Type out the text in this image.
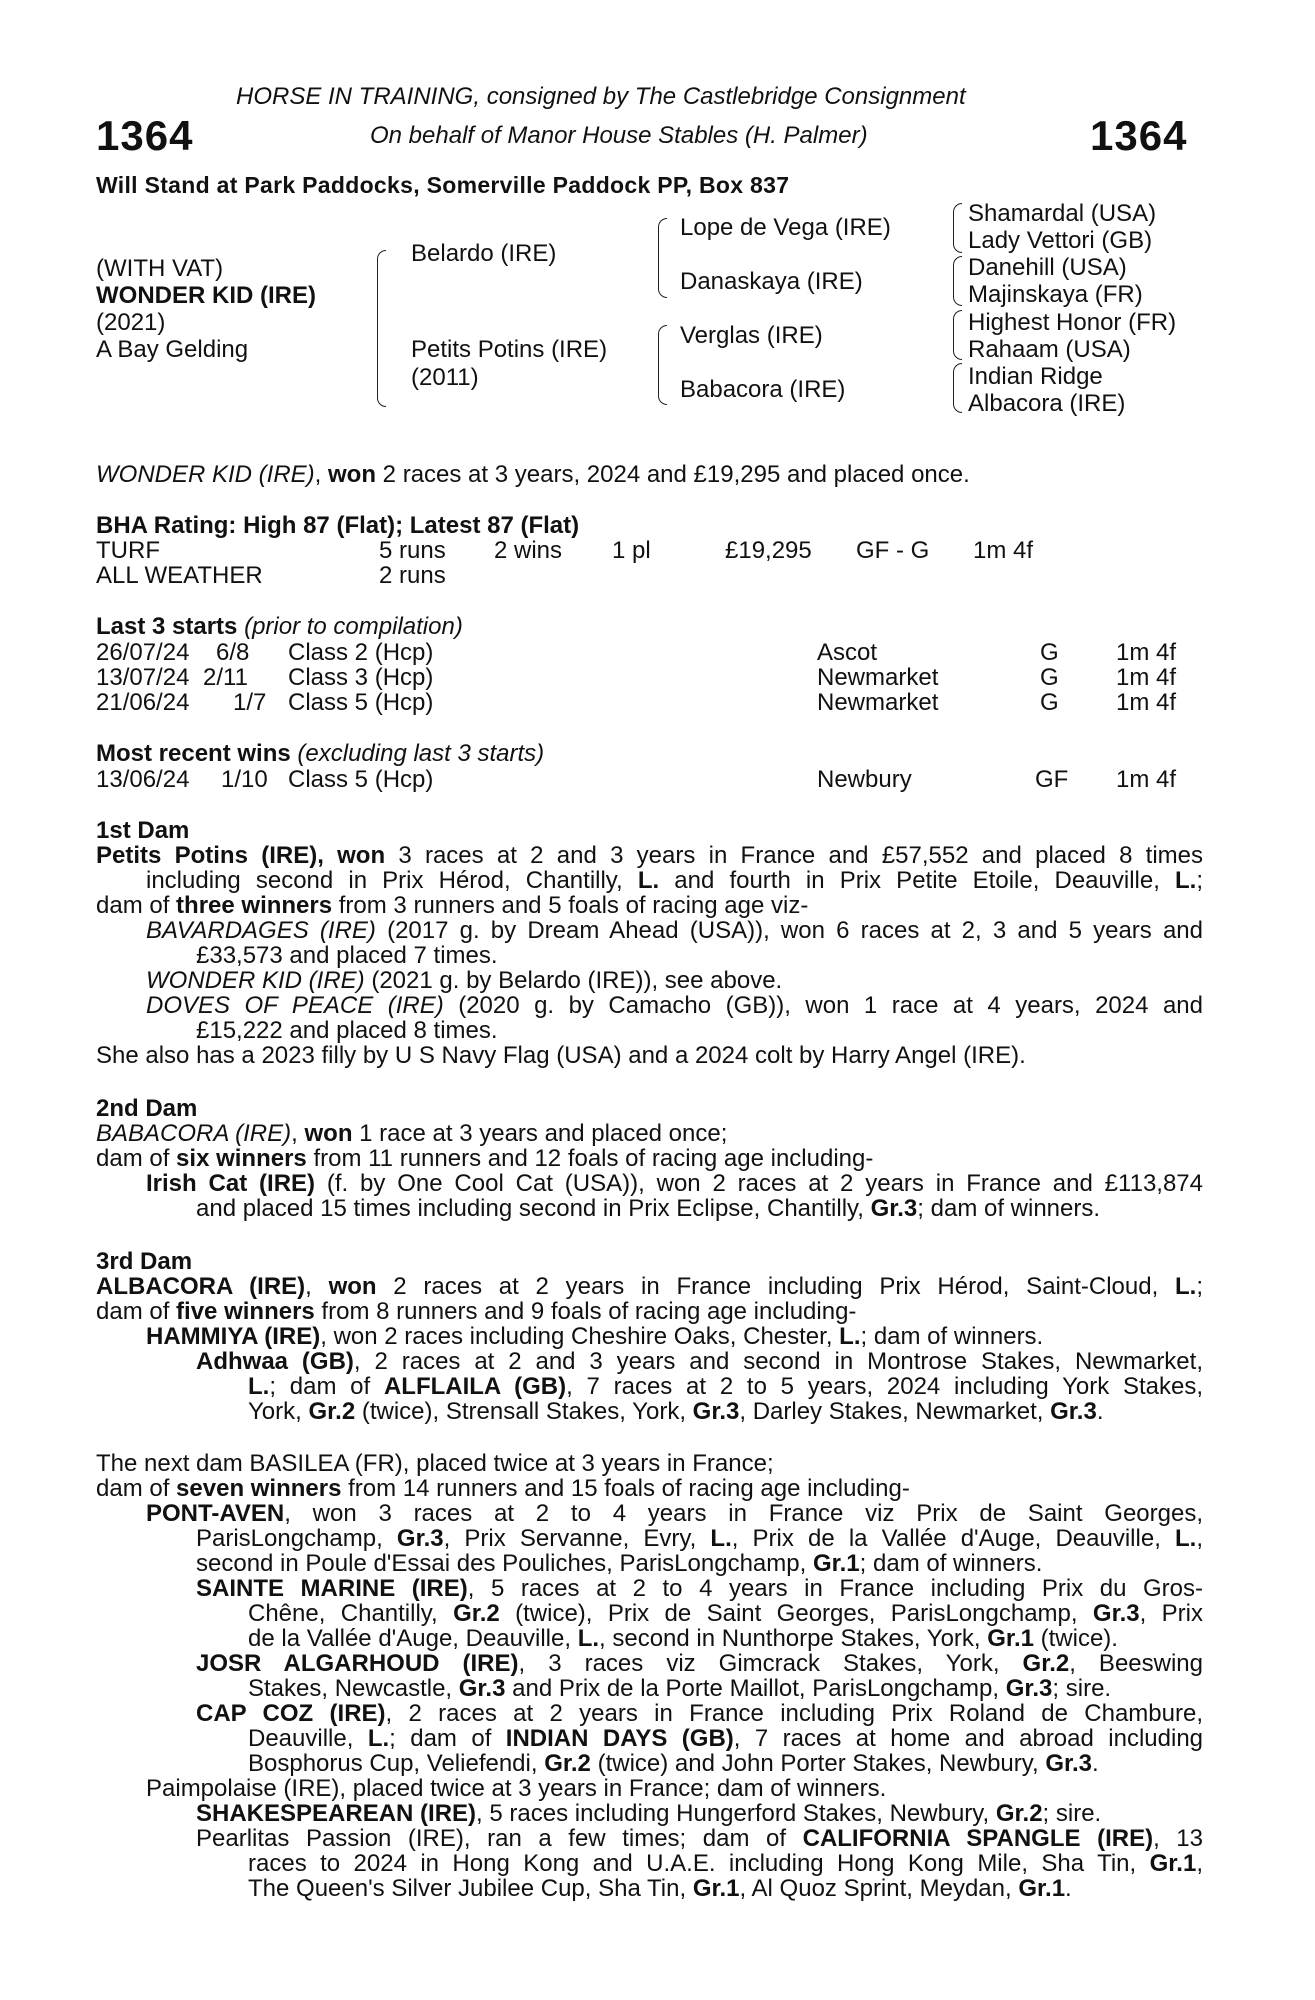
1364	1364
HORSE IN TRAINING, consigned by The Castlebridge Consignment
On behalf of Manor House Stables (H. Palmer)
Will Stand at Park Paddocks, Somerville Paddock PP, Box 837
(WITH VAT)
WONDER KID (IRE)
(2021)
A Bay Gelding
Belardo (IRE)
Petits Potins (IRE)
(2011)
Lope de Vega (IRE)
Danaskaya (IRE)
Verglas (IRE)
Babacora (IRE)
Shamardal (USA)
Lady Vettori (GB)
Danehill (USA)
Majinskaya (FR)
Highest Honor (FR)
Rahaam (USA)
Indian Ridge
Albacora (IRE)
WONDER KID (IRE), won 2 races at 3 years, 2024 and £19,295 and placed once.
BHA Rating: High 87 (Flat); Latest 87 (Flat)
TURF	5 runs 2 wins 1 pl	£19,295 GF - G 1m 4f
ALL WEATHER	2 runs
Last 3 starts (prior to compilation)
26/07/24 6/8 Class 2 (Hcp)	Ascot	G 1m 4f
13/07/24 2/11 Class 3 (Hcp)	Newmarket	G 1m 4f
21/06/24 1/7 Class 5 (Hcp)	Newmarket	G 1m 4f
Most recent wins (excluding last 3 starts)
13/06/24 1/10 Class 5 (Hcp)	Newbury	GF 1m 4f
1st Dam
Petits Potins (IRE), won 3 races at 2 and 3 years in France and £57,552 and placed 8 times
including second in Prix Hérod, Chantilly, L. and fourth in Prix Petite Etoile, Deauville, L.;
dam of three winners from 3 runners and 5 foals of racing age viz-
BAVARDAGES (IRE) (2017 g. by Dream Ahead (USA)), won 6 races at 2, 3 and 5 years and
£33,573 and placed 7 times.
WONDER KID (IRE) (2021 g. by Belardo (IRE)), see above.
DOVES OF PEACE (IRE) (2020 g. by Camacho (GB)), won 1 race at 4 years, 2024 and
£15,222 and placed 8 times.
She also has a 2023 filly by U S Navy Flag (USA) and a 2024 colt by Harry Angel (IRE).
2nd Dam
BABACORA (IRE), won 1 race at 3 years and placed once;
dam of six winners from 11 runners and 12 foals of racing age including-
Irish Cat (IRE) (f. by One Cool Cat (USA)), won 2 races at 2 years in France and £113,874
and placed 15 times including second in Prix Eclipse, Chantilly, Gr.3; dam of winners.
3rd Dam
ALBACORA (IRE), won 2 races at 2 years in France including Prix Hérod, Saint-Cloud, L.;
dam of five winners from 8 runners and 9 foals of racing age including-
HAMMIYA (IRE), won 2 races including Cheshire Oaks, Chester, L.; dam of winners.
Adhwaa (GB), 2 races at 2 and 3 years and second in Montrose Stakes, Newmarket,
L.; dam of ALFLAILA (GB), 7 races at 2 to 5 years, 2024 including York Stakes,
York, Gr.2 (twice), Strensall Stakes, York, Gr.3, Darley Stakes, Newmarket, Gr.3.
The next dam BASILEA (FR), placed twice at 3 years in France;
dam of seven winners from 14 runners and 15 foals of racing age including-
PONT-AVEN, won 3 races at 2 to 4 years in France viz Prix de Saint Georges,
ParisLongchamp, Gr.3, Prix Servanne, Evry, L., Prix de la Vallée d'Auge, Deauville, L.,
second in Poule d'Essai des Pouliches, ParisLongchamp, Gr.1; dam of winners.
SAINTE MARINE (IRE), 5 races at 2 to 4 years in France including Prix du Gros-
Chêne, Chantilly, Gr.2 (twice), Prix de Saint Georges, ParisLongchamp, Gr.3, Prix
de la Vallée d'Auge, Deauville, L., second in Nunthorpe Stakes, York, Gr.1 (twice).
JOSR ALGARHOUD (IRE), 3 races viz Gimcrack Stakes, York, Gr.2, Beeswing
Stakes, Newcastle, Gr.3 and Prix de la Porte Maillot, ParisLongchamp, Gr.3; sire.
CAP COZ (IRE), 2 races at 2 years in France including Prix Roland de Chambure,
Deauville, L.; dam of INDIAN DAYS (GB), 7 races at home and abroad including
Bosphorus Cup, Veliefendi, Gr.2 (twice) and John Porter Stakes, Newbury, Gr.3.
Paimpolaise (IRE), placed twice at 3 years in France; dam of winners.
SHAKESPEAREAN (IRE), 5 races including Hungerford Stakes, Newbury, Gr.2; sire.
Pearlitas Passion (IRE), ran a few times; dam of CALIFORNIA SPANGLE (IRE), 13
races to 2024 in Hong Kong and U.A.E. including Hong Kong Mile, Sha Tin, Gr.1,
The Queen's Silver Jubilee Cup, Sha Tin, Gr.1, Al Quoz Sprint, Meydan, Gr.1.
